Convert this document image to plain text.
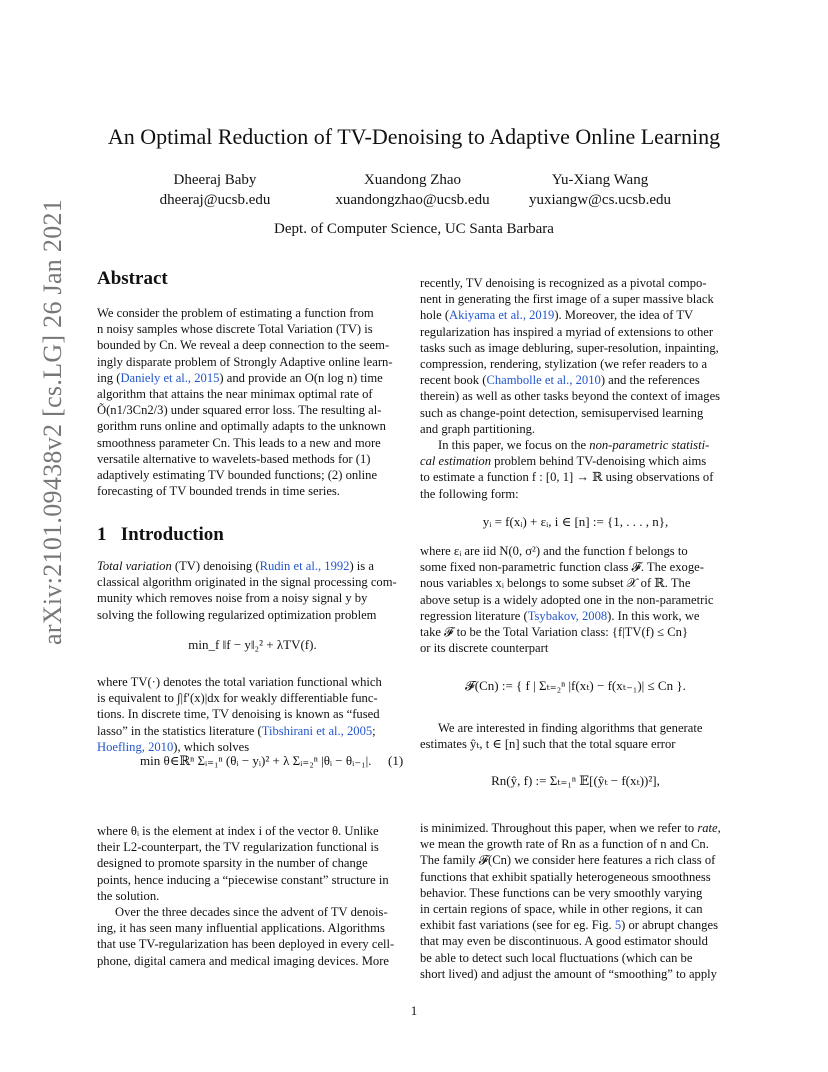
arXiv:2101.09438v2 [cs.LG] 26 Jan 2021
An Optimal Reduction of TV-Denoising to Adaptive Online Learning
Dheeraj Baby
dheeraj@ucsb.edu
Xuandong Zhao
xuandongzhao@ucsb.edu
Yu-Xiang Wang
yuxiangw@cs.ucsb.edu
Dept. of Computer Science, UC Santa Barbara
Abstract
We consider the problem of estimating a function from
n noisy samples whose discrete Total Variation (TV) is
bounded by Cn. We reveal a deep connection to the seem-
ingly disparate problem of Strongly Adaptive online learn-
ing (Daniely et al., 2015) and provide an O(n log n) time
algorithm that attains the near minimax optimal rate of
Õ(n1/3Cn2/3) under squared error loss. The resulting al-
gorithm runs online and optimally adapts to the unknown
smoothness parameter Cn. This leads to a new and more
versatile alternative to wavelets-based methods for (1)
adaptively estimating TV bounded functions; (2) online
forecasting of TV bounded trends in time series.
1 Introduction
Total variation (TV) denoising (Rudin et al., 1992) is a
classical algorithm originated in the signal processing com-
munity which removes noise from a noisy signal y by
solving the following regularized optimization problem
min_f ‖f − y‖₂² + λTV(f).
where TV(·) denotes the total variation functional which
is equivalent to ∫|f′(x)|dx for weakly differentiable func-
tions. In discrete time, TV denoising is known as “fused
lasso” in the statistics literature (Tibshirani et al., 2005;
Hoefling, 2010), which solves
min θ∈ℝⁿ Σᵢ₌₁ⁿ (θᵢ − yᵢ)² + λ Σᵢ₌₂ⁿ |θᵢ − θᵢ₋₁|. (1)
where θᵢ is the element at index i of the vector θ. Unlike
their L2-counterpart, the TV regularization functional is
designed to promote sparsity in the number of change
points, hence inducing a “piecewise constant” structure in
the solution.
Over the three decades since the advent of TV denois-
ing, it has seen many influential applications. Algorithms
that use TV-regularization has been deployed in every cell-
phone, digital camera and medical imaging devices. More
recently, TV denoising is recognized as a pivotal compo-
nent in generating the first image of a super massive black
hole (Akiyama et al., 2019). Moreover, the idea of TV
regularization has inspired a myriad of extensions to other
tasks such as image debluring, super-resolution, inpainting,
compression, rendering, stylization (we refer readers to a
recent book (Chambolle et al., 2010) and the references
therein) as well as other tasks beyond the context of images
such as change-point detection, semisupervised learning
and graph partitioning.
In this paper, we focus on the non-parametric statisti-
cal estimation problem behind TV-denoising which aims
to estimate a function f : [0, 1] → ℝ using observations of
the following form:
yᵢ = f(xᵢ) + εᵢ, i ∈ [n] := {1, . . . , n},
where εᵢ are iid N(0, σ²) and the function f belongs to
some fixed non-parametric function class 𝓕. The exoge-
nous variables xᵢ belongs to some subset 𝒳 of ℝ. The
above setup is a widely adopted one in the non-parametric
regression literature (Tsybakov, 2008). In this work, we
take 𝓕 to be the Total Variation class: {f|TV(f) ≤ Cn}
or its discrete counterpart
𝓕(Cn) := { f | Σₜ₌₂ⁿ |f(xₜ) − f(xₜ₋₁)| ≤ Cn }.
We are interested in finding algorithms that generate
estimates ŷₜ, t ∈ [n] such that the total square error
Rn(ŷ, f) := Σₜ₌₁ⁿ 𝔼[(ŷₜ − f(xₜ))²],
is minimized. Throughout this paper, when we refer to rate,
we mean the growth rate of Rn as a function of n and Cn.
The family 𝓕(Cn) we consider here features a rich class of
functions that exhibit spatially heterogeneous smoothness
behavior. These functions can be very smoothly varying
in certain regions of space, while in other regions, it can
exhibit fast variations (see for eg. Fig. 5) or abrupt changes
that may even be discontinuous. A good estimator should
be able to detect such local fluctuations (which can be
short lived) and adjust the amount of “smoothing” to apply
1
